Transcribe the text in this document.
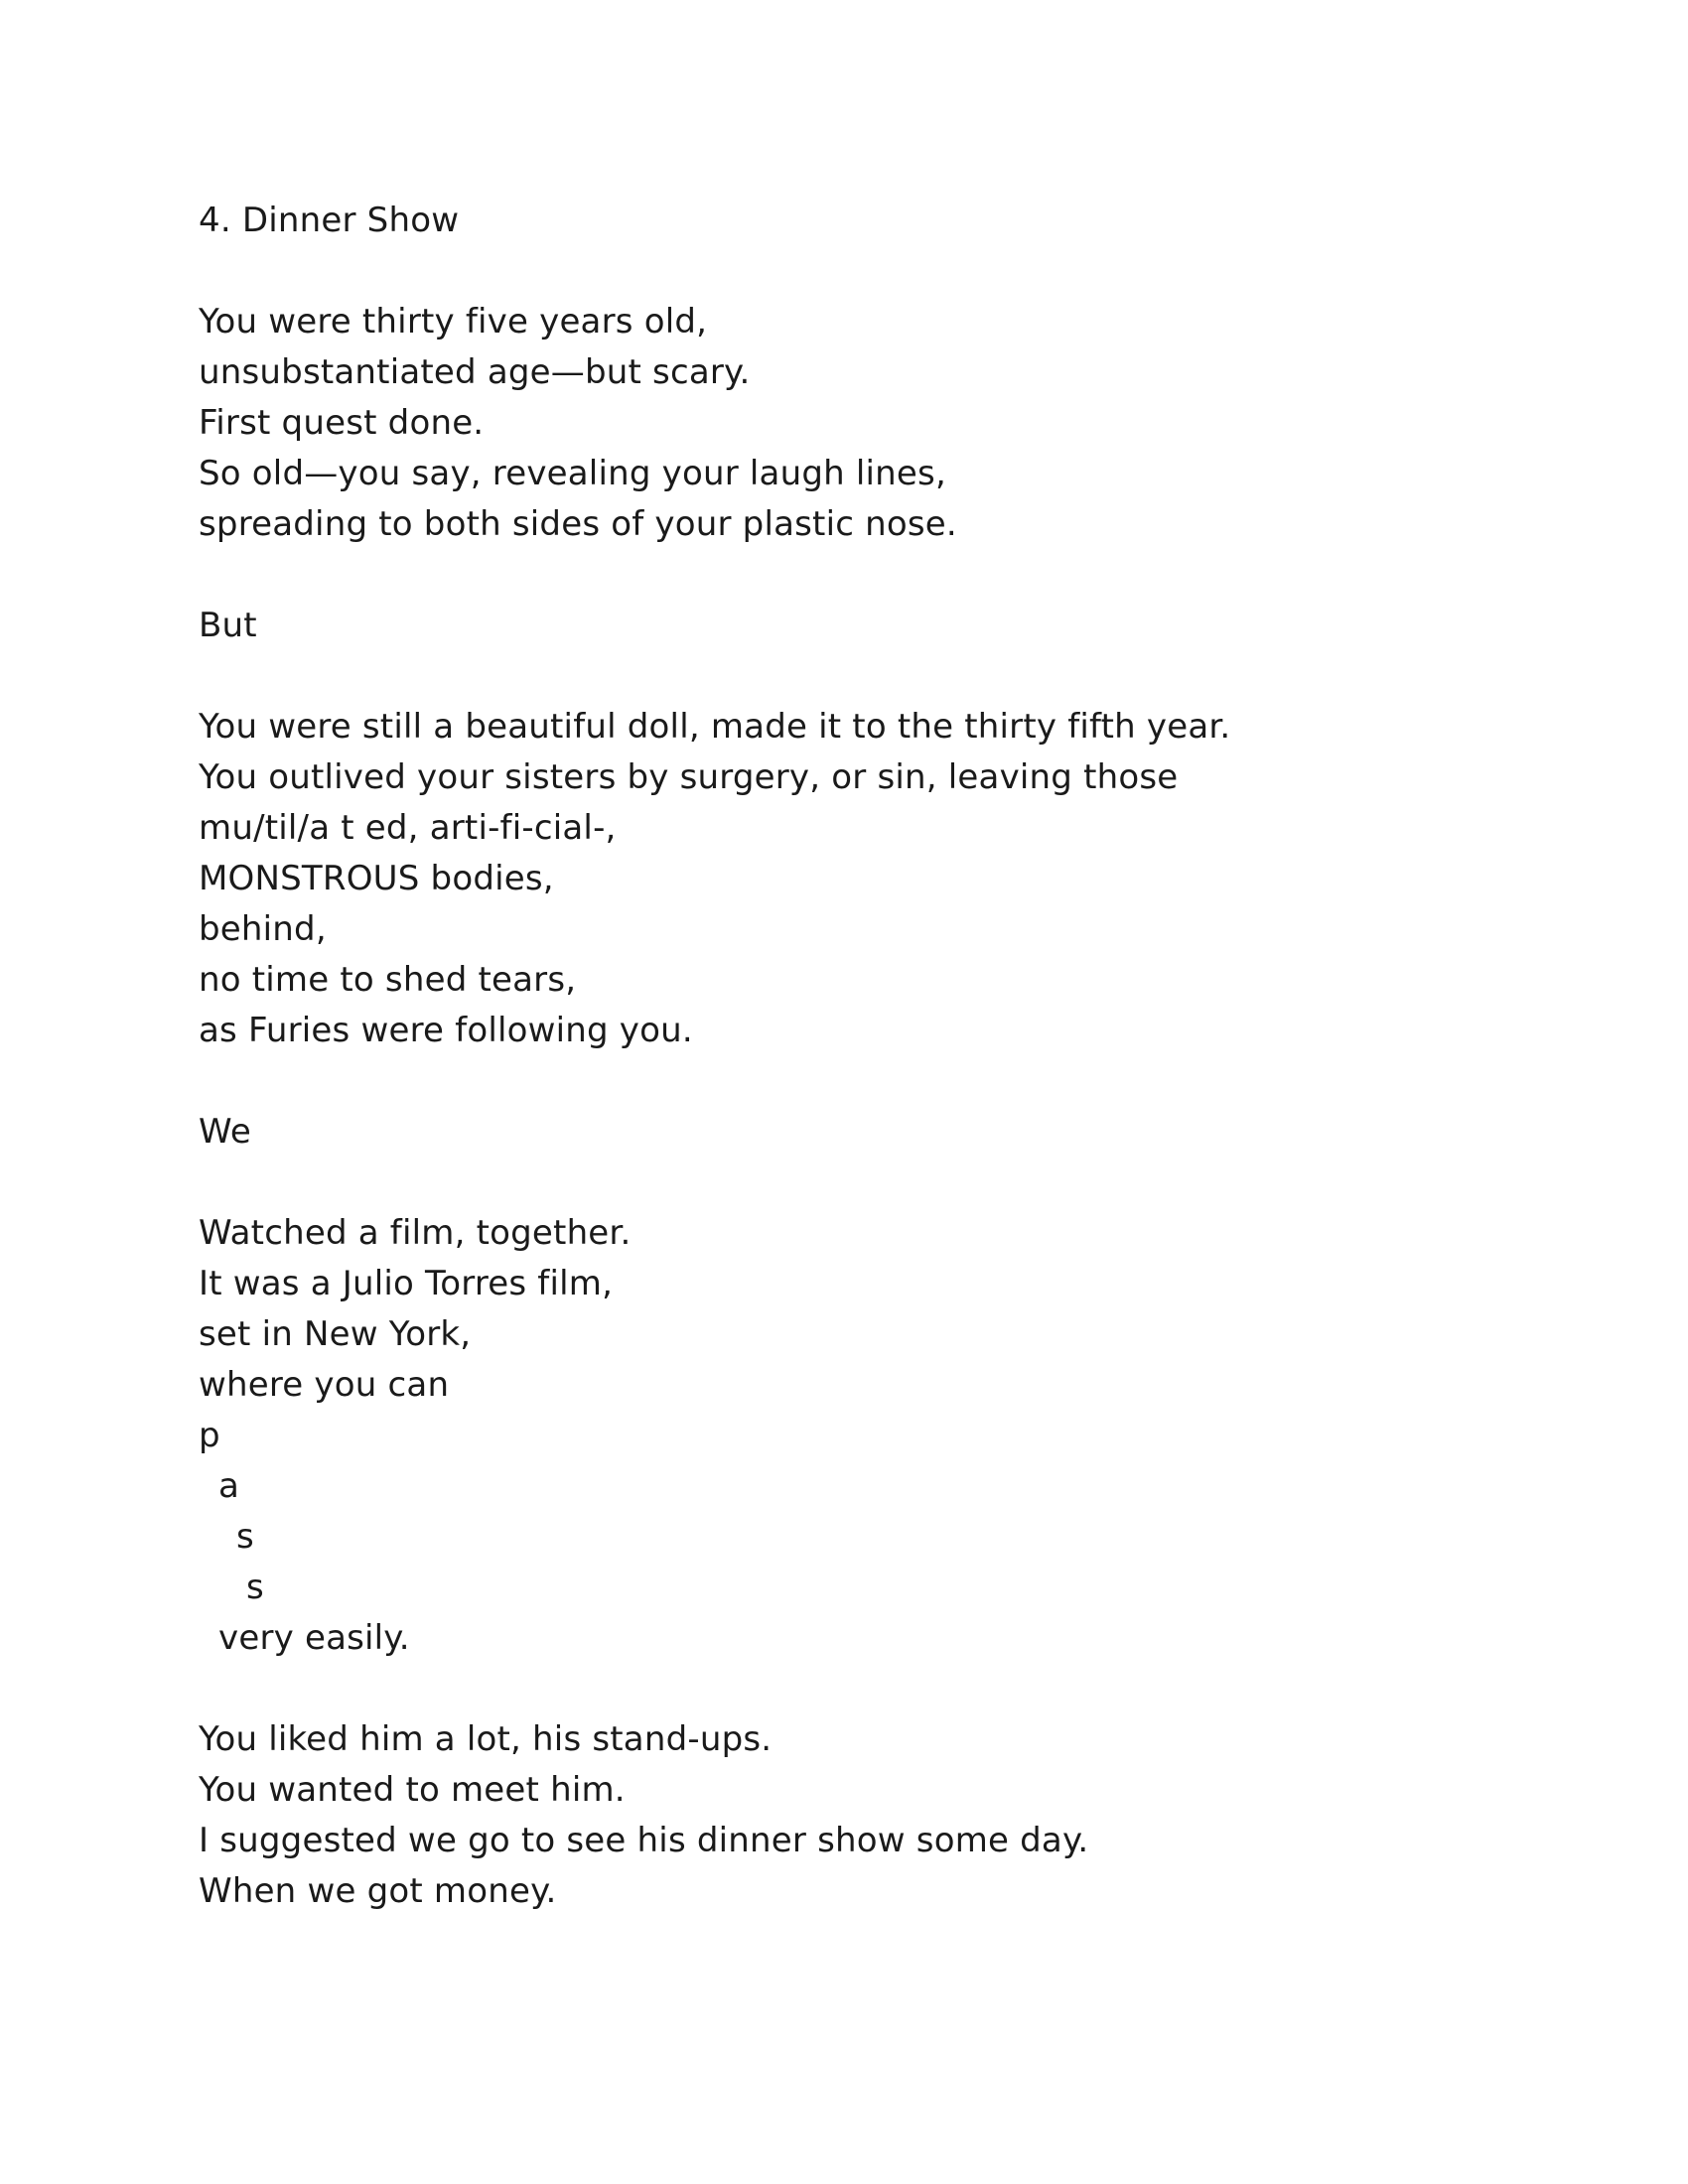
4. Dinner Show
You were thirty five years old,
unsubstantiated age—but scary.
First quest done.
So old—you say, revealing your laugh lines,
spreading to both sides of your plastic nose.
But
You were still a beautiful doll, made it to the thirty fifth year.
You outlived your sisters by surgery, or sin, leaving those
mu/til/a t ed, arti-fi-cial-,
MONSTROUS bodies,
behind,
no time to shed tears,
as Furies were following you.
We
Watched a film, together.
It was a Julio Torres film,
set in New York,
where you can
p
a
s
s
very easily.
You liked him a lot, his stand-ups.
You wanted to meet him.
I suggested we go to see his dinner show some day.
When we got money.
